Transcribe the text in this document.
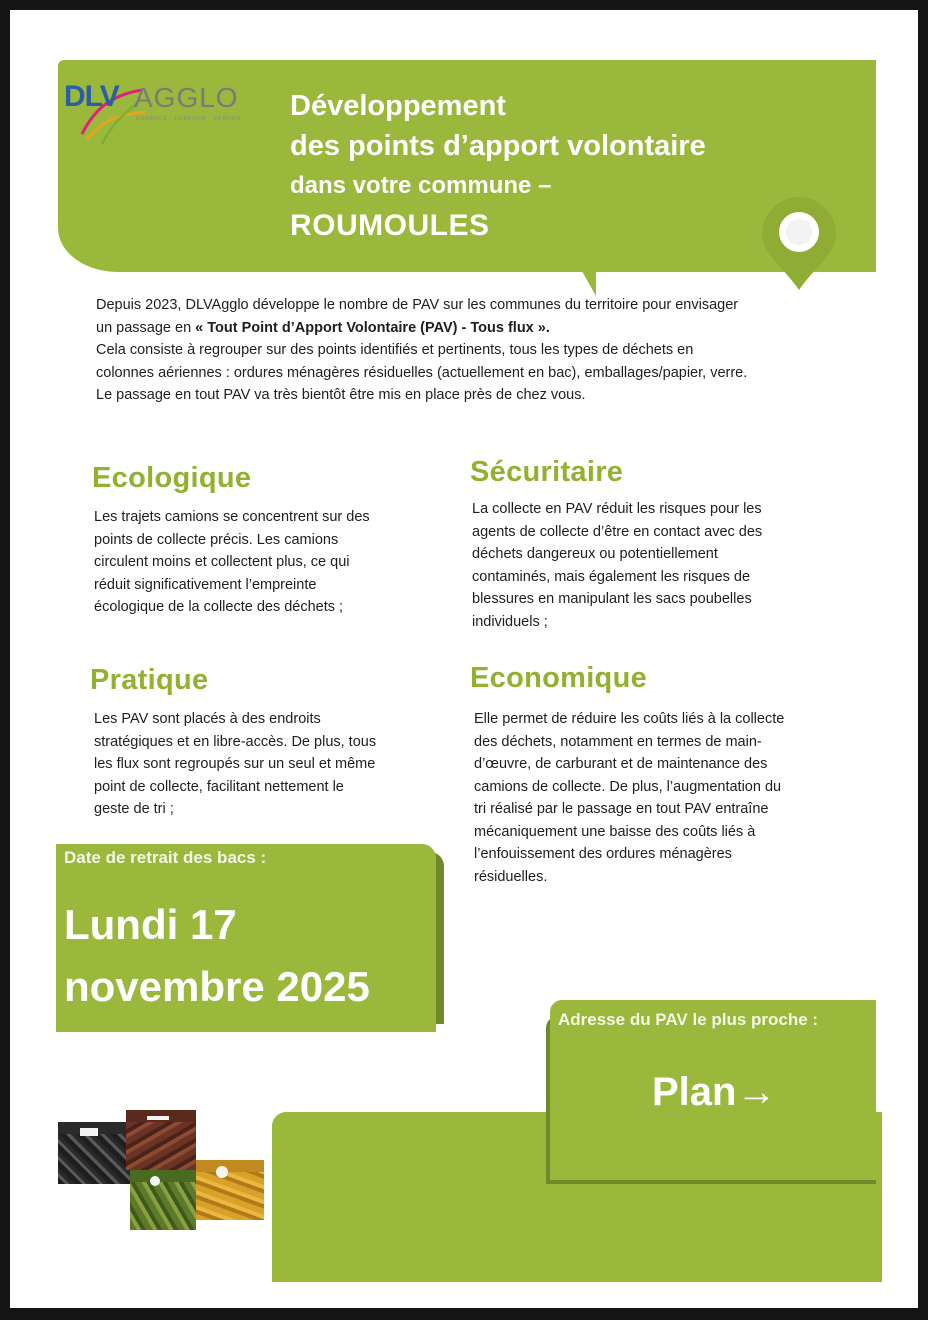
DLV AGGLO
DURANCE · LUBERON · VERDON Développement
des points d’apport volontaire
dans votre commune –
ROUMOULES

Depuis 2023, DLVAgglo développe le nombre de PAV sur les communes du territoire pour envisager

un passage en « Tout Point d’Apport Volontaire (PAV) - Tous flux ».

Cela consiste à regrouper sur des points identifiés et pertinents, tous les types de déchets en

colonnes aériennes : ordures ménagères résiduelles (actuellement en bac), emballages/papier, verre.

Le passage en tout PAV va très bientôt être mis en place près de chez vous.

Ecologique
Les trajets camions se concentrent sur des
points de collecte précis. Les camions
circulent moins et collectent plus, ce qui
réduit significativement l’empreinte
écologique de la collecte des déchets ;
Sécuritaire
La collecte en PAV réduit les risques pour les
agents de collecte d’être en contact avec des
déchets dangereux ou potentiellement
contaminés, mais également les risques de
blessures en manipulant les sacs poubelles
individuels ;
Pratique
Les PAV sont placés à des endroits
stratégiques et en libre-accès. De plus, tous
les flux sont regroupés sur un seul et même
point de collecte, facilitant nettement le
geste de tri ;
Economique
Elle permet de réduire les coûts liés à la collecte
des déchets, notamment en termes de main-
d’œuvre, de carburant et de maintenance des
camions de collecte. De plus, l’augmentation du
tri réalisé par le passage en tout PAV entraîne
mécaniquement une baisse des coûts liés à
l’enfouissement des ordures ménagères
résiduelles.
Date de retrait des bacs :
Lundi 17
novembre 2025
Adresse du PAV le plus proche :
Plan→
